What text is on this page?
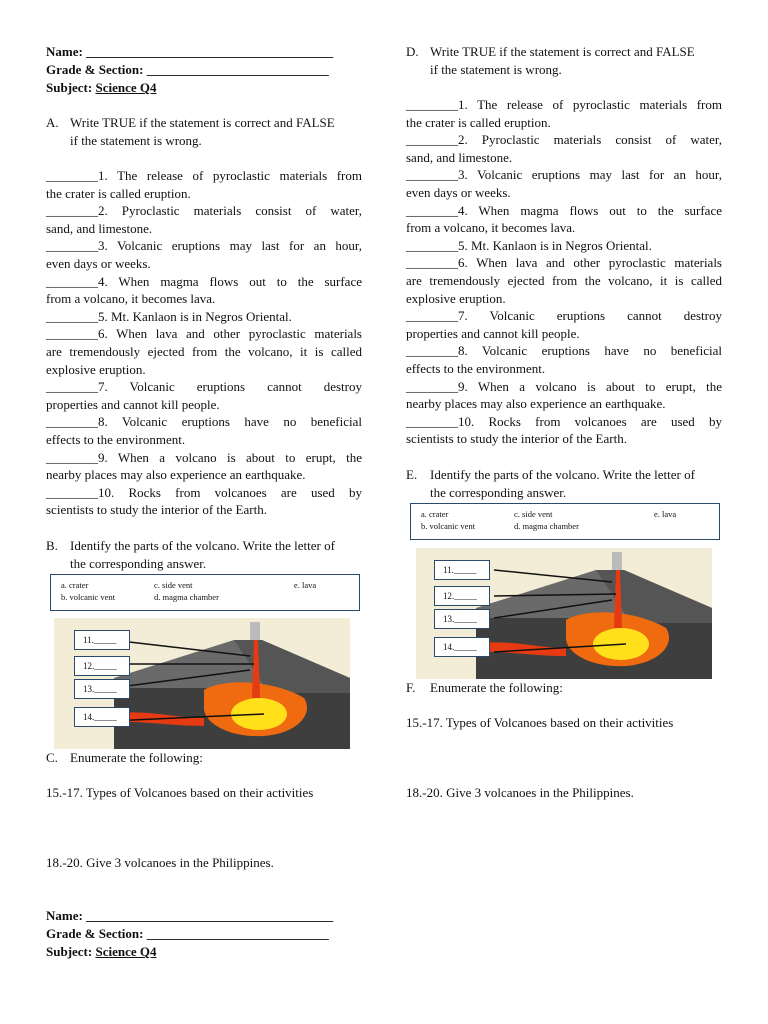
Name: ______________________________________
Grade & Section: ____________________________
Subject: Science Q4
A. Write TRUE if the statement is correct and FALSE
if the statement is wrong.
________1. The release of pyroclastic materials from
the crater is called eruption.
________2. Pyroclastic materials consist of water,
sand, and limestone.
________3. Volcanic eruptions may last for an hour,
even days or weeks.
________4. When magma flows out to the surface
from a volcano, it becomes lava.
________5. Mt. Kanlaon is in Negros Oriental.
________6. When lava and other pyroclastic materials
are tremendously ejected from the volcano, it is called
explosive eruption.
________7. Volcanic eruptions cannot destroy
properties and cannot kill people.
________8. Volcanic eruptions have no beneficial
effects to the environment.
________9. When a volcano is about to erupt, the
nearby places may also experience an earthquake.
________10. Rocks from volcanoes are used by
scientists to study the interior of the Earth.
B. Identify the parts of the volcano. Write the letter of
the corresponding answer.
a. crater
b. volcanic vent
c. side vent
d. magma chamber
e. lava
11._____
12._____
13._____
14._____
C. Enumerate the following:
15.-17. Types of Volcanoes based on their activities
18.-20. Give 3 volcanoes in the Philippines.
Name: ______________________________________
Grade & Section: ____________________________
Subject: Science Q4
D. Write TRUE if the statement is correct and FALSE
if the statement is wrong.
________1. The release of pyroclastic materials from
the crater is called eruption.
________2. Pyroclastic materials consist of water,
sand, and limestone.
________3. Volcanic eruptions may last for an hour,
even days or weeks.
________4. When magma flows out to the surface
from a volcano, it becomes lava.
________5. Mt. Kanlaon is in Negros Oriental.
________6. When lava and other pyroclastic materials
are tremendously ejected from the volcano, it is called
explosive eruption.
________7. Volcanic eruptions cannot destroy
properties and cannot kill people.
________8. Volcanic eruptions have no beneficial
effects to the environment.
________9. When a volcano is about to erupt, the
nearby places may also experience an earthquake.
________10. Rocks from volcanoes are used by
scientists to study the interior of the Earth.
E. Identify the parts of the volcano. Write the letter of
the corresponding answer.
a. crater
b. volcanic vent
c. side vent
d. magma chamber
e. lava
11._____
12._____
13._____
14._____
F. Enumerate the following:
15.-17. Types of Volcanoes based on their activities
18.-20. Give 3 volcanoes in the Philippines.
